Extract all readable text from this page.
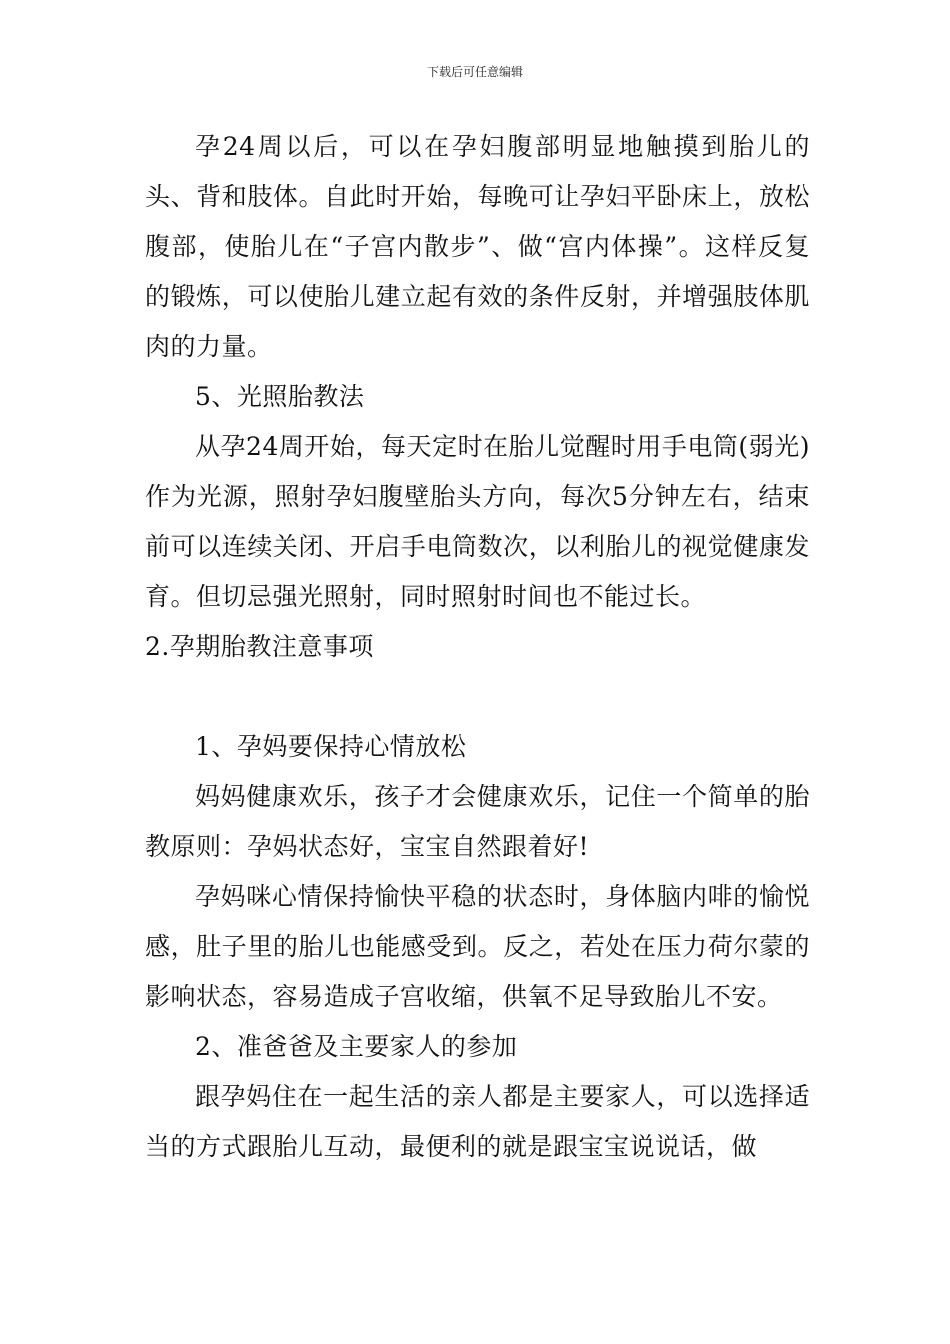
下载后可任意编辑

孕24周以后，可以在孕妇腹部明显地触摸到胎儿的头、背和肢体。自此时开始，每晚可让孕妇平卧床上，放松腹部，使胎儿在“子宫内散步”、做“宫内体操”。这样反复的锻炼，可以使胎儿建立起有效的条件反射，并增强肢体肌肉的力量。

5、光照胎教法

从孕24周开始，每天定时在胎儿觉醒时用手电筒(弱光)作为光源，照射孕妇腹壁胎头方向，每次5分钟左右，结束前可以连续关闭、开启手电筒数次，以利胎儿的视觉健康发育。但切忌强光照射，同时照射时间也不能过长。

2.孕期胎教注意事项

1、孕妈要保持心情放松

妈妈健康欢乐，孩子才会健康欢乐，记住一个简单的胎教原则：孕妈状态好，宝宝自然跟着好!

孕妈咪心情保持愉快平稳的状态时，身体脑内啡的愉悦感，肚子里的胎儿也能感受到。反之，若处在压力荷尔蒙的影响状态，容易造成子宫收缩，供氧不足导致胎儿不安。

2、准爸爸及主要家人的参加

跟孕妈住在一起生活的亲人都是主要家人，可以选择适当的方式跟胎儿互动，最便利的就是跟宝宝说说话，做
